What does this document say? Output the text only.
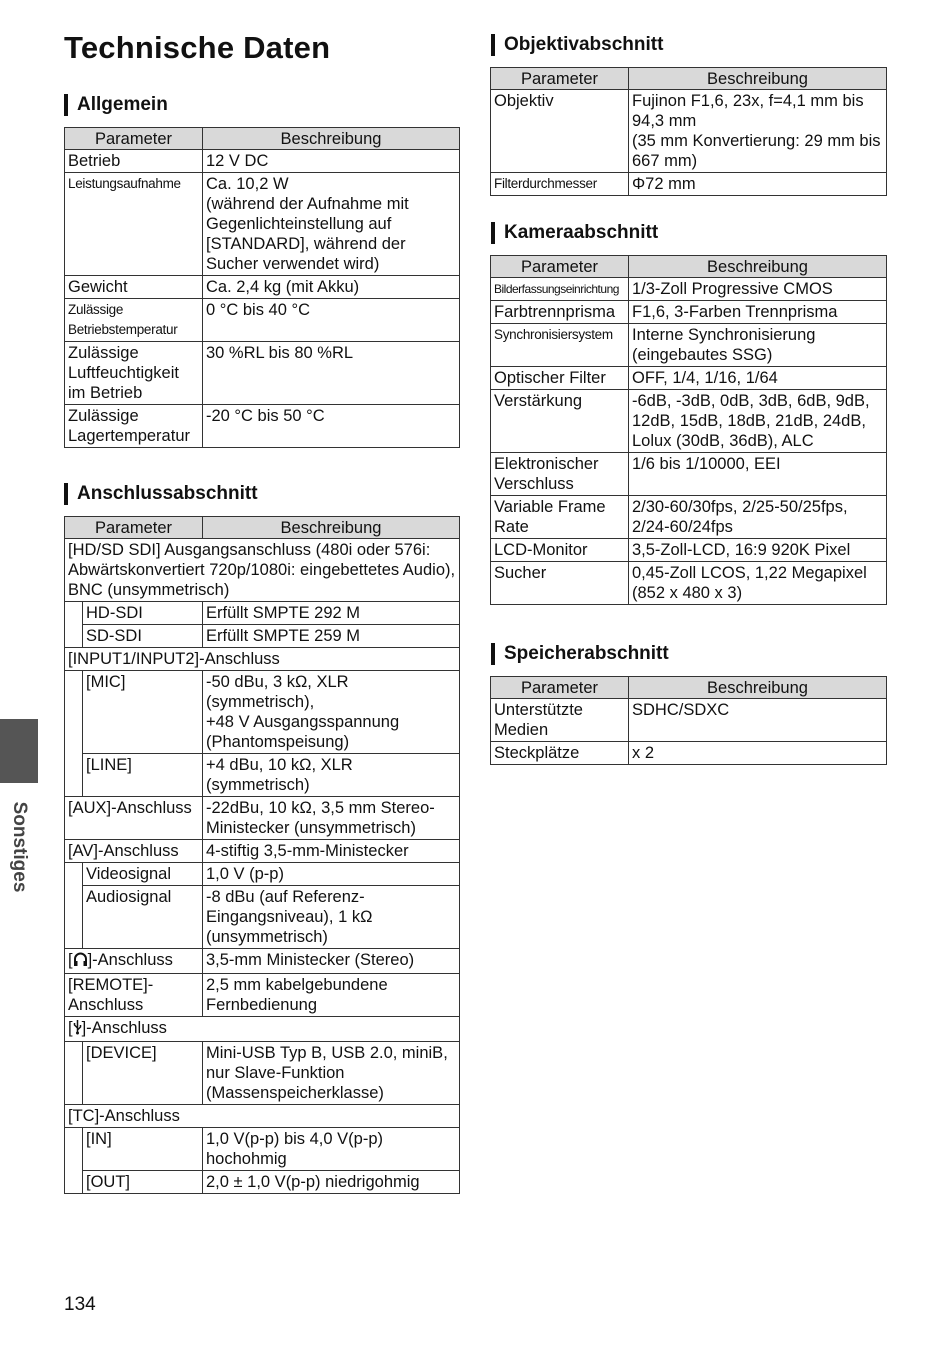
Technische Daten
Allgemein
Parameter	Beschreibung
Betrieb	12 V DC
Leistungsaufnahme	Ca. 10,2 W
(während der Aufnahme mit Gegenlichteinstellung auf [STANDARD], während der Sucher verwendet wird)
Gewicht	Ca. 2,4 kg (mit Akku)
Zulässige Betriebstemperatur	0 °C bis 40 °C
Zulässige Luftfeuchtigkeit im Betrieb	30 %RL bis 80 %RL
Zulässige Lagertemperatur	-20 °C bis 50 °C
Anschlussabschnitt
Parameter		Beschreibung
[HD/SD SDI] Ausgangsanschluss (480i oder 576i: Abwärtskonvertiert 720p/1080i: eingebettetes Audio), BNC (unsymmetrisch)		
	HD-SDI	Erfüllt SMPTE 292 M
	SD-SDI	Erfüllt SMPTE 259 M
[INPUT1/INPUT2]-Anschluss		
	[MIC]	-50 dBu, 3 kΩ, XLR
(symmetrisch),
+48 V Ausgangsspannung (Phantomspeisung)
	[LINE]	+4 dBu, 10 kΩ, XLR (symmetrisch)
[AUX]-Anschluss		-22dBu, 10 kΩ, 3,5 mm Stereo-Ministecker (unsymmetrisch)
[AV]-Anschluss		4-stiftig 3,5-mm-Ministecker
	Videosignal	1,0 V (p-p)
	Audiosignal	-8 dBu (auf Referenz-Eingangsniveau), 1 kΩ (unsymmetrisch)
[ ]-Anschluss		3,5-mm Ministecker (Stereo)
[REMOTE]-Anschluss		2,5 mm kabelgebundene Fernbedienung
[ ]-Anschluss		
	[DEVICE]	Mini-USB Typ B, USB 2.0, miniB, nur Slave-Funktion (Massenspeicherklasse)
[TC]-Anschluss		
	[IN]	1,0 V(p-p) bis 4,0 V(p-p) hochohmig
	[OUT]	2,0 ± 1,0 V(p-p) niedrigohmig
Objektivabschnitt
Parameter	Beschreibung
Objektiv	Fujinon F1,6, 23x, f=4,1 mm bis 94,3 mm
(35 mm Konvertierung: 29 mm bis 667 mm)
Filterdurchmesser	Φ72 mm
Kameraabschnitt
Parameter	Beschreibung
Bilderfassungseinrichtung	1/3-Zoll Progressive CMOS
Farbtrennprisma	F1,6, 3-Farben Trennprisma
Synchronisiersystem	Interne Synchronisierung (eingebautes SSG)
Optischer Filter	OFF, 1/4, 1/16, 1/64
Verstärkung	-6dB, -3dB, 0dB, 3dB, 6dB, 9dB, 12dB, 15dB, 18dB, 21dB, 24dB, Lolux (30dB, 36dB), ALC
Elektronischer Verschluss	1/6 bis 1/10000, EEI
Variable Frame Rate	2/30-60/30fps, 2/25-50/25fps, 2/24-60/24fps
LCD-Monitor	3,5-Zoll-LCD, 16:9 920K Pixel
Sucher	0,45-Zoll LCOS, 1,22 Megapixel (852 x 480 x 3)
Speicherabschnitt
Parameter	Beschreibung
Unterstützte Medien	SDHC/SDXC
Steckplätze	x 2
Sonstiges
134
